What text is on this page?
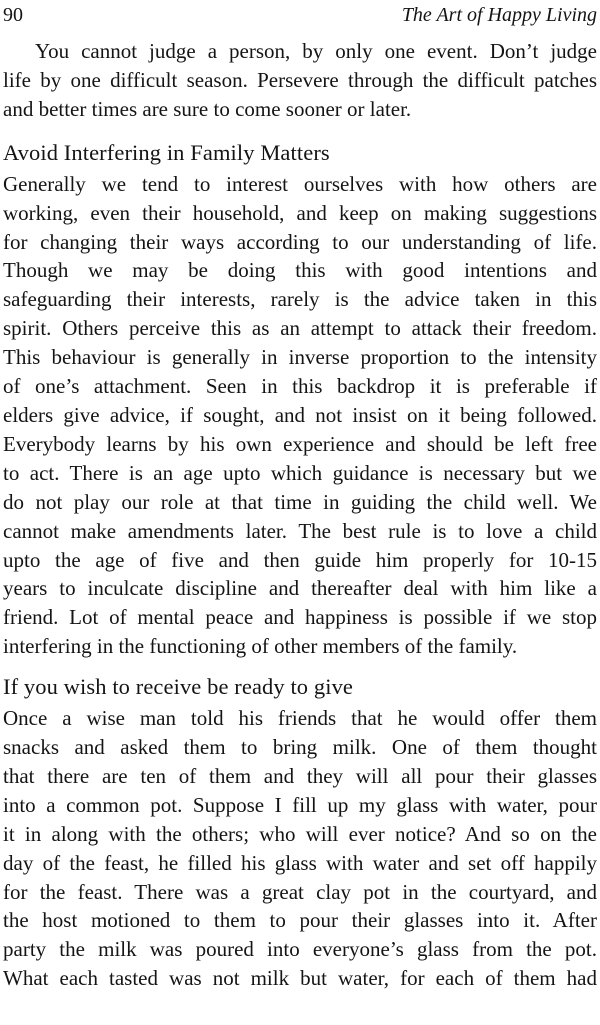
90	The Art of Happy Living
You cannot judge a person, by only one event. Don’t judge
life by one difficult season. Persevere through the difficult patches
and better times are sure to come sooner or later.
Avoid Interfering in Family Matters
Generally we tend to interest ourselves with how others are
working, even their household, and keep on making suggestions
for changing their ways according to our understanding of life.
Though we may be doing this with good intentions and
safeguarding their interests, rarely is the advice taken in this
spirit. Others perceive this as an attempt to attack their freedom.
This behaviour is generally in inverse proportion to the intensity
of one’s attachment. Seen in this backdrop it is preferable if
elders give advice, if sought, and not insist on it being followed.
Everybody learns by his own experience and should be left free
to act. There is an age upto which guidance is necessary but we
do not play our role at that time in guiding the child well. We
cannot make amendments later. The best rule is to love a child
upto the age of five and then guide him properly for 10-15
years to inculcate discipline and thereafter deal with him like a
friend. Lot of mental peace and happiness is possible if we stop
interfering in the functioning of other members of the family.
If you wish to receive be ready to give
Once a wise man told his friends that he would offer them
snacks and asked them to bring milk. One of them thought
that there are ten of them and they will all pour their glasses
into a common pot. Suppose I fill up my glass with water, pour
it in along with the others; who will ever notice? And so on the
day of the feast, he filled his glass with water and set off happily
for the feast. There was a great clay pot in the courtyard, and
the host motioned to them to pour their glasses into it. After
party the milk was poured into everyone’s glass from the pot.
What each tasted was not milk but water, for each of them had
